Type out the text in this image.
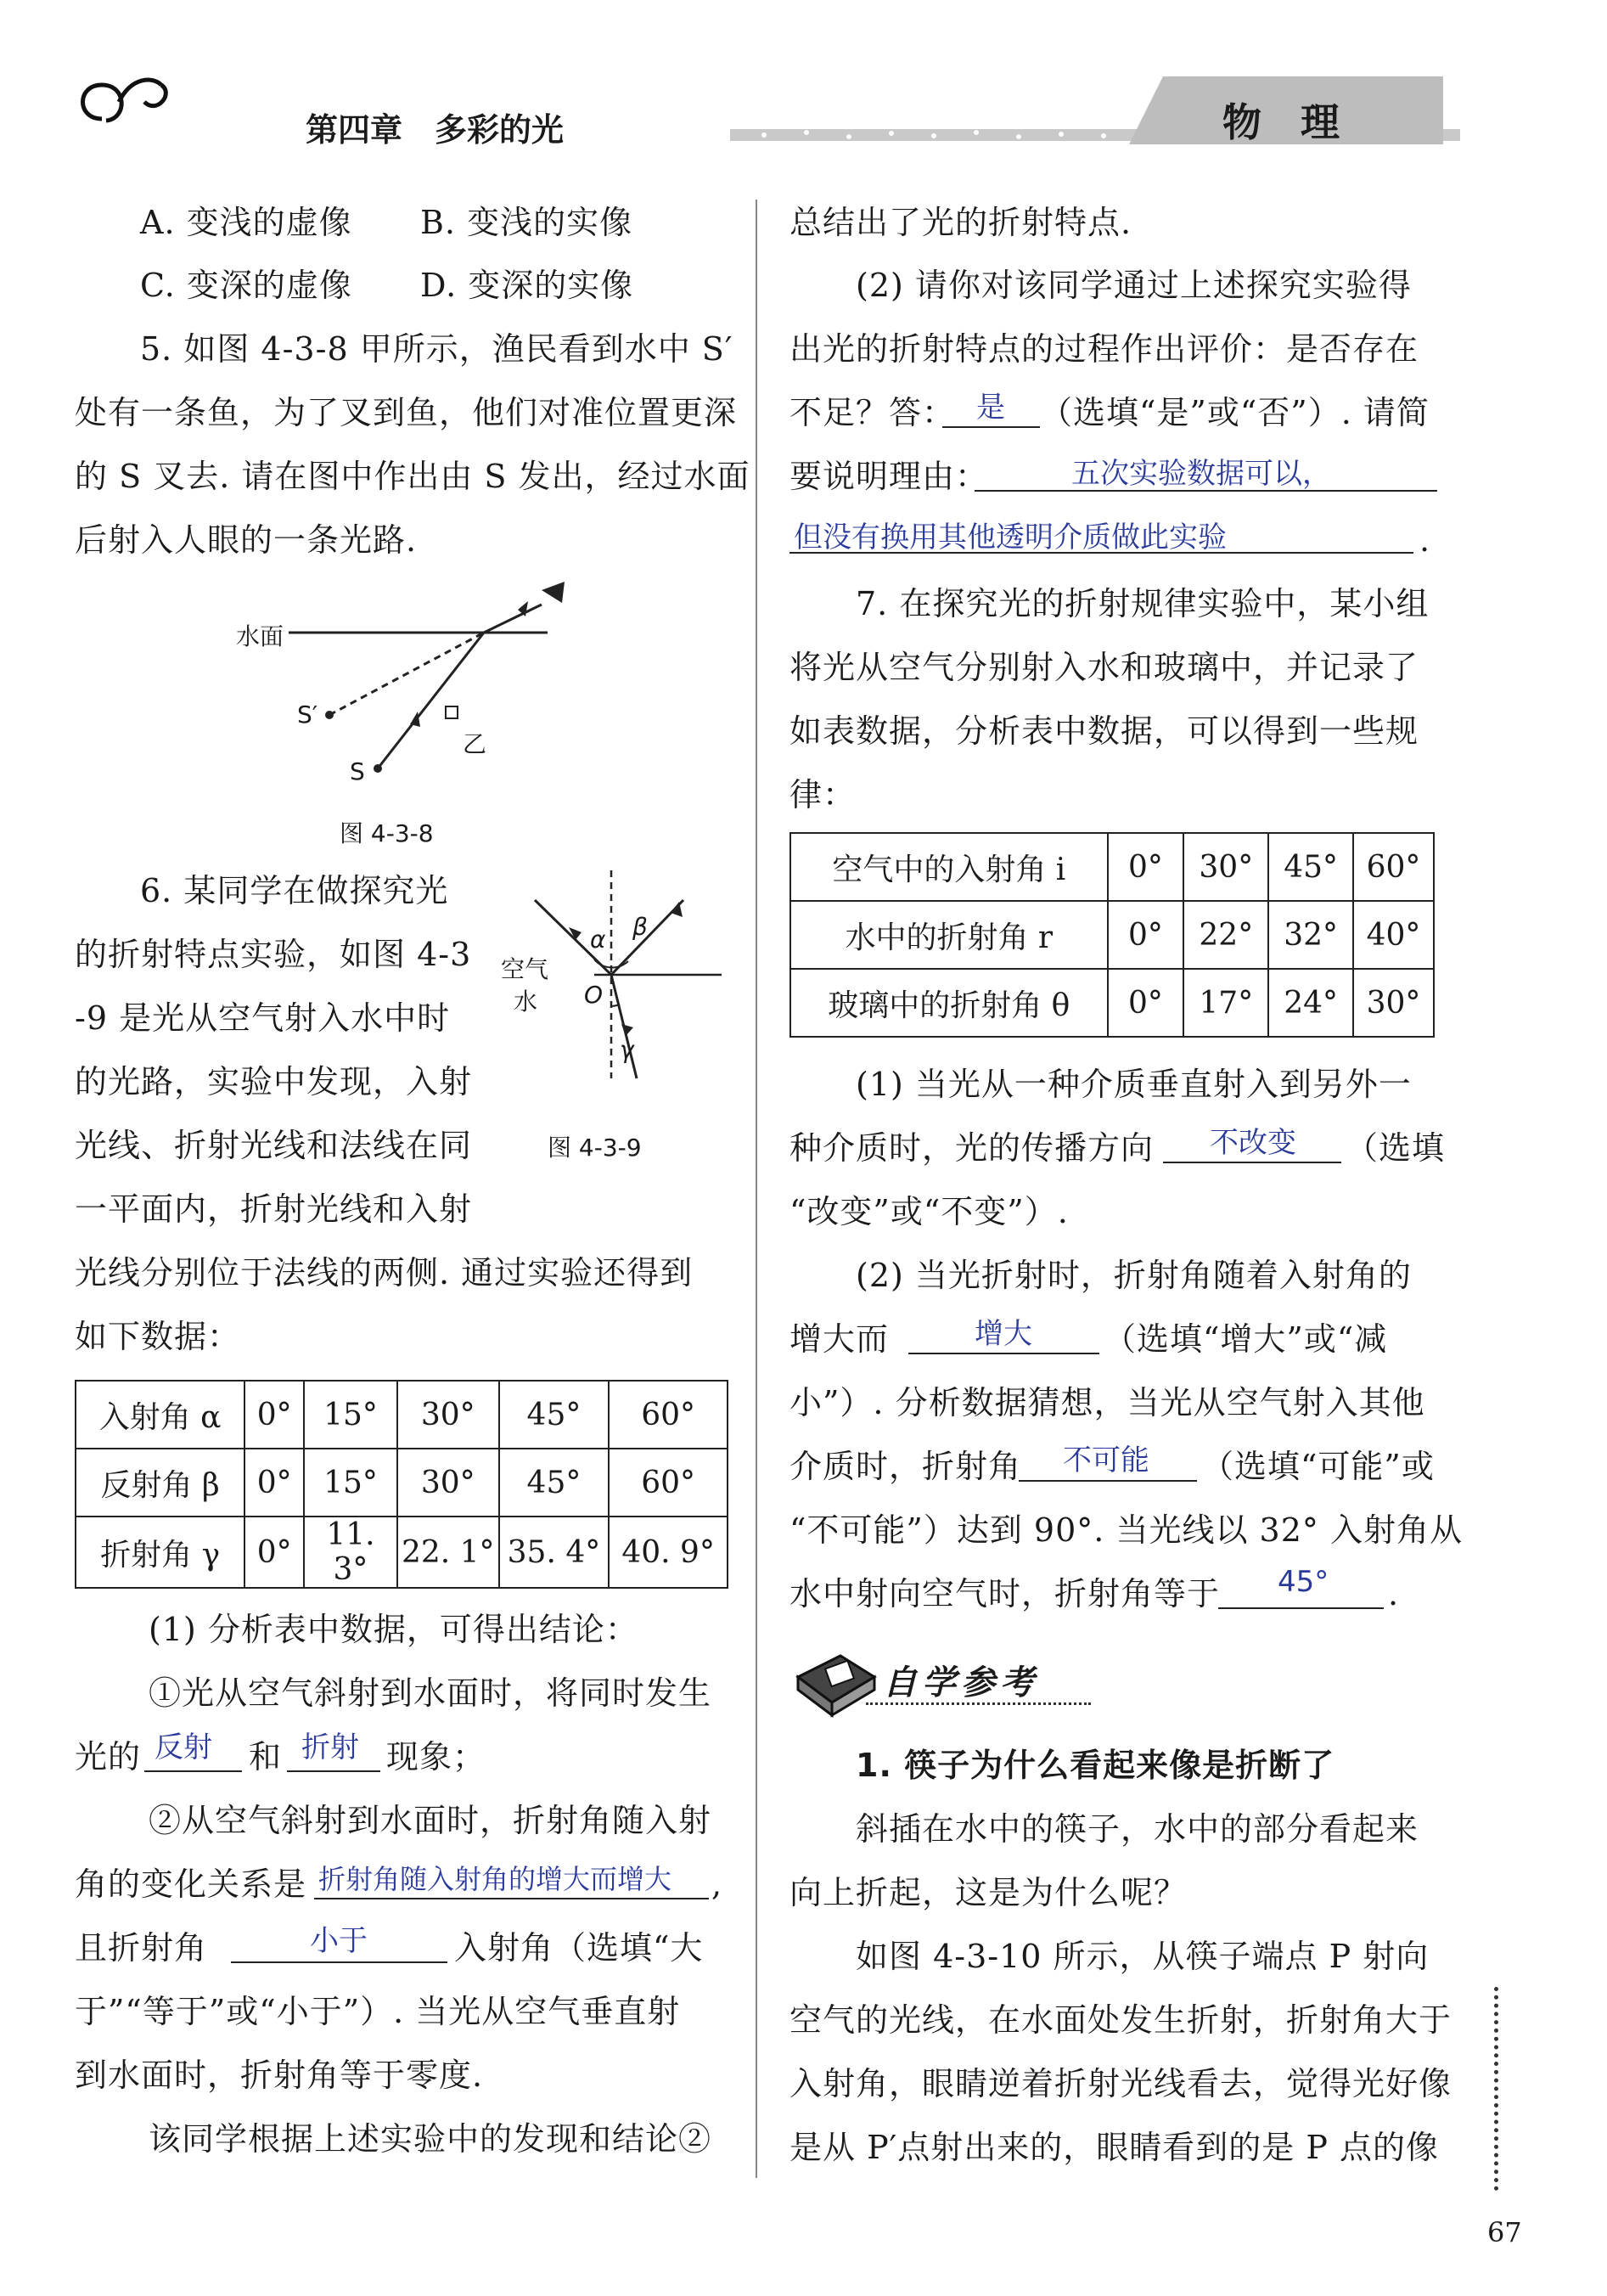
第四章　多彩的光	物　理
A. 变浅的虚像 B. 变浅的实像
C. 变深的虚像 D. 变深的实像
5. 如图 4-3-8 甲所示，渔民看到水中 S′
处有一条鱼，为了叉到鱼，他们对准位置更深
的 S 叉去. 请在图中作出由 S 发出，经过水面
后射入人眼的一条光路.
水面
S′
S
乙
图 4-3-8
6. 某同学在做探究光
的折射特点实验，如图 4-3
-9 是光从空气射入水中时
的光路，实验中发现，入射
光线、折射光线和法线在同
一平面内，折射光线和入射
空气
水 O
α β
γ
图 4-3-9
光线分别位于法线的两侧. 通过实验还得到
如下数据：
入射角 α	0°	15°	30°	45°	60°
反射角 β	0°	15°	30°	45°	60°
折射角 γ	0°	11. 3°	22. 1°	35. 4°	40. 9°
(1) 分析表中数据，可得出结论：
①光从空气斜射到水面时，将同时发生
光的 反射 和 折射 现象；
②从空气斜射到水面时，折射角随入射
角的变化关系是 折射角随入射角的增大而增大 ,
且折射角	小于	入射角（选填“大
于”“等于”或“小于”）. 当光从空气垂直射
到水面时，折射角等于零度.
该同学根据上述实验中的发现和结论②
总结出了光的折射特点.
(2) 请你对该同学通过上述探究实验得
出光的折射特点的过程作出评价：是否存在
不足？答： 是 （选填“是”或“否”）. 请简
要说明理由：	五次实验数据可以，
但没有换用其他透明介质做此实验	.
7. 在探究光的折射规律实验中，某小组
将光从空气分别射入水和玻璃中，并记录了
如表数据，分析表中数据，可以得到一些规
律：
空气中的入射角 i	0°	30°	45°	60°
水中的折射角 r	0°	22°	32°	40°
玻璃中的折射角 θ	0°	17°	24°	30°
(1) 当光从一种介质垂直射入到另外一
种介质时，光的传播方向 不改变 （选填
“改变”或“不变”）.
(2) 当光折射时，折射角随着入射角的
增大而	增大 （选填“增大”或“减
小”）. 分析数据猜想，当光从空气射入其他
介质时，折射角 不可能 （选填“可能”或
“不可能”）达到 90°. 当光线以 32° 入射角从
水中射向空气时，折射角等于 45° .
自学参考
1. 筷子为什么看起来像是折断了
斜插在水中的筷子，水中的部分看起来
向上折起，这是为什么呢？
如图 4-3-10 所示，从筷子端点 P 射向
空气的光线，在水面处发生折射，折射角大于
入射角，眼睛逆着折射光线看去，觉得光好像
是从 P′点射出来的，眼睛看到的是 P 点的像
67
